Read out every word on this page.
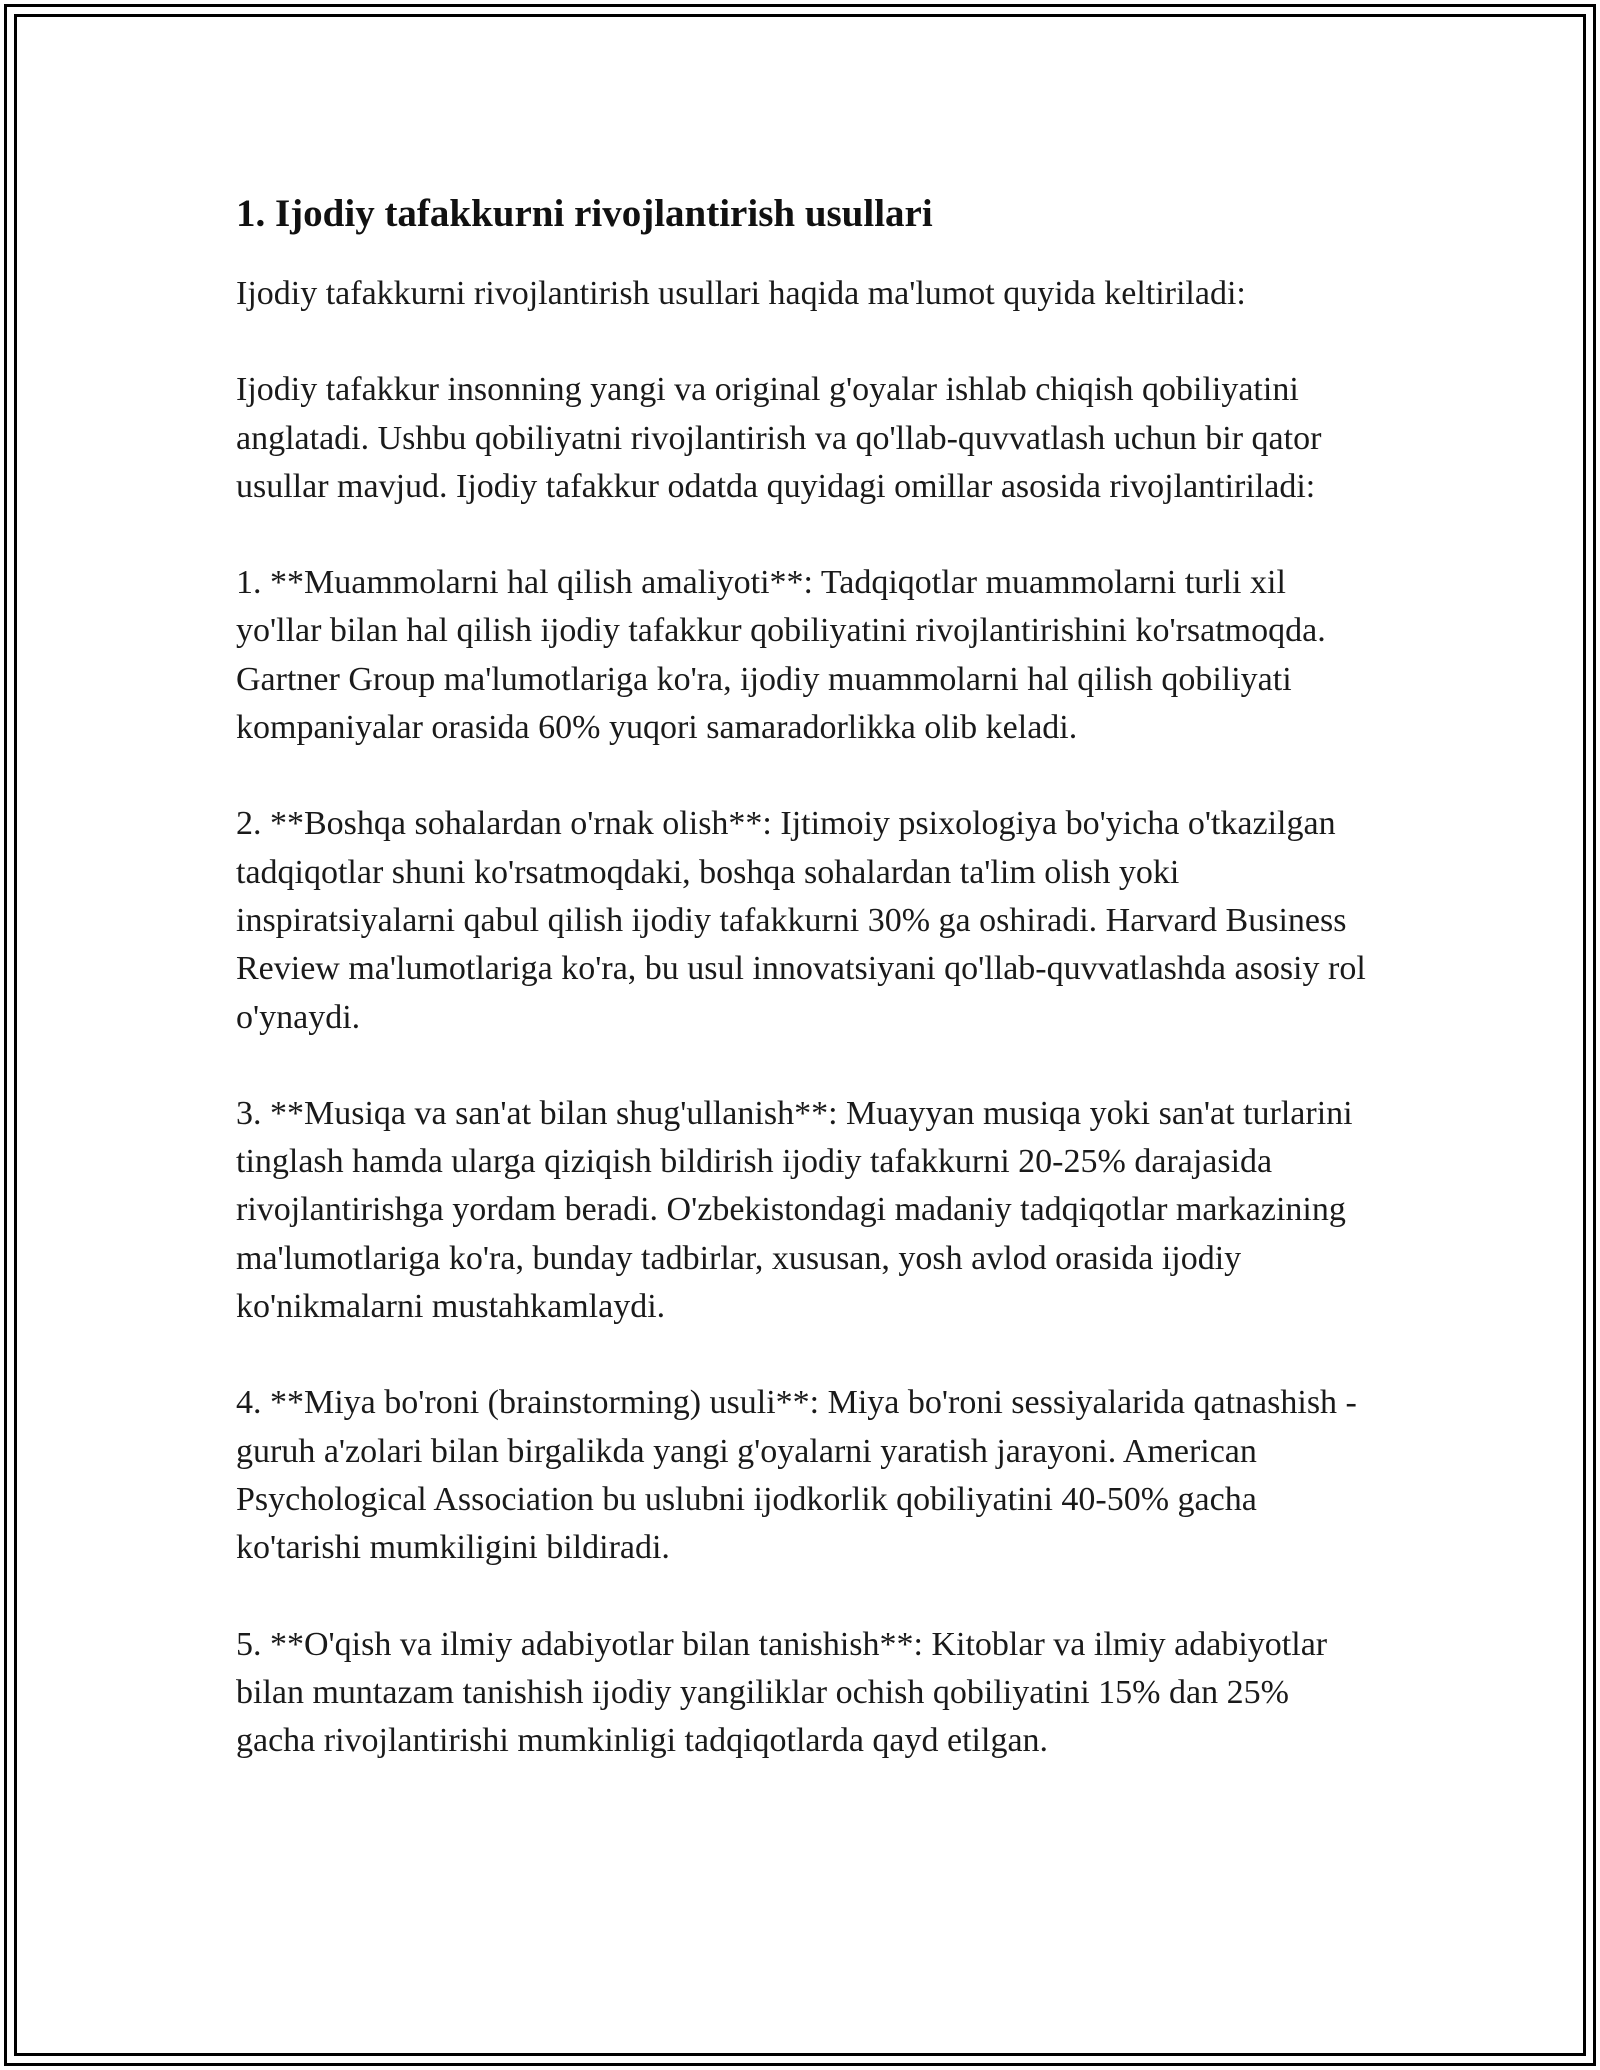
1. Ijodiy tafakkurni rivojlantirish usullari

Ijodiy tafakkurni rivojlantirish usullari haqida ma'lumot quyida keltiriladi:

Ijodiy tafakkur insonning yangi va original g'oyalar ishlab chiqish qobiliyatini anglatadi. Ushbu qobiliyatni rivojlantirish va qo'llab-quvvatlash uchun bir qator usullar mavjud. Ijodiy tafakkur odatda quyidagi omillar asosida rivojlantiriladi:

1. **Muammolarni hal qilish amaliyoti**: Tadqiqotlar muammolarni turli xil yo'llar bilan hal qilish ijodiy tafakkur qobiliyatini rivojlantirishini ko'rsatmoqda. Gartner Group ma'lumotlariga ko'ra, ijodiy muammolarni hal qilish qobiliyati kompaniyalar orasida 60% yuqori samaradorlikka olib keladi.

2. **Boshqa sohalardan o'rnak olish**: Ijtimoiy psixologiya bo'yicha o'tkazilgan tadqiqotlar shuni ko'rsatmoqdaki, boshqa sohalardan ta'lim olish yoki inspiratsiyalarni qabul qilish ijodiy tafakkurni 30% ga oshiradi. Harvard Business Review ma'lumotlariga ko'ra, bu usul innovatsiyani qo'llab-quvvatlashda asosiy rol o'ynaydi.

3. **Musiqa va san'at bilan shug'ullanish**: Muayyan musiqa yoki san'at turlarini tinglash hamda ularga qiziqish bildirish ijodiy tafakkurni 20-25% darajasida rivojlantirishga yordam beradi. O'zbekistondagi madaniy tadqiqotlar markazining ma'lumotlariga ko'ra, bunday tadbirlar, xususan, yosh avlod orasida ijodiy ko'nikmalarni mustahkamlaydi.

4. **Miya bo'roni (brainstorming) usuli**: Miya bo'roni sessiyalarida qatnashish - guruh a'zolari bilan birgalikda yangi g'oyalarni yaratish jarayoni. American Psychological Association bu uslubni ijodkorlik qobiliyatini 40-50% gacha ko'tarishi mumkiligini bildiradi.

5. **O'qish va ilmiy adabiyotlar bilan tanishish**: Kitoblar va ilmiy adabiyotlar bilan muntazam tanishish ijodiy yangiliklar ochish qobiliyatini 15% dan 25% gacha rivojlantirishi mumkinligi tadqiqotlarda qayd etilgan.
